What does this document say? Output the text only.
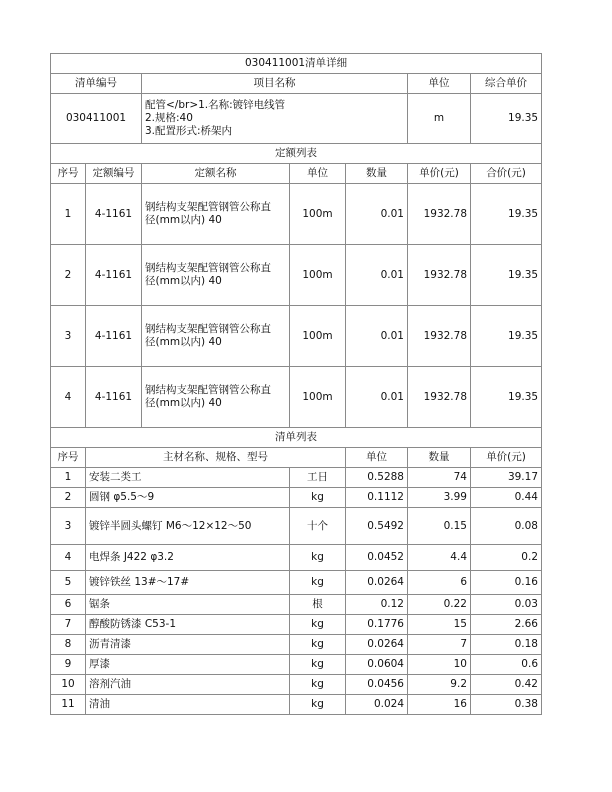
030411001清单详细							
清单编号		项目名称			单位	综合单价	
030411001		配管</br>1.名称:镀锌电线管
2.规格:40
3.配置形式:桥架内			m	19.35	
定额列表							
序号	定额编号	定额名称	单位	数量	单价(元)	合价(元)	
1	4-1161	钢结构支架配管钢管公称直
径(mm以内) 40	100m	0.01	1932.78	19.35	
2	4-1161	钢结构支架配管钢管公称直
径(mm以内) 40	100m	0.01	1932.78	19.35	
3	4-1161	钢结构支架配管钢管公称直
径(mm以内) 40	100m	0.01	1932.78	19.35	
4	4-1161	钢结构支架配管钢管公称直
径(mm以内) 40	100m	0.01	1932.78	19.35	
清单列表							
序号	主材名称、规格、型号			单位	数量	单价(元)	
1	安装二类工	工日	0.5288	74	39.17
2	圆钢 φ5.5～9	kg	0.1112	3.99	0.44
3	镀锌半圆头螺钉 M6～12×12～50	十个	0.5492	0.15	0.08
4	电焊条 J422 φ3.2	kg	0.0452	4.4	0.2
5	镀锌铁丝 13#～17#	kg	0.0264	6	0.16
6	锯条	根	0.12	0.22	0.03
7	醇酸防锈漆 C53-1	kg	0.1776	15	2.66
8	沥青清漆	kg	0.0264	7	0.18
9	厚漆	kg	0.0604	10	0.6
10	溶剂汽油	kg	0.0456	9.2	0.42
11	清油	kg	0.024	16	0.38
